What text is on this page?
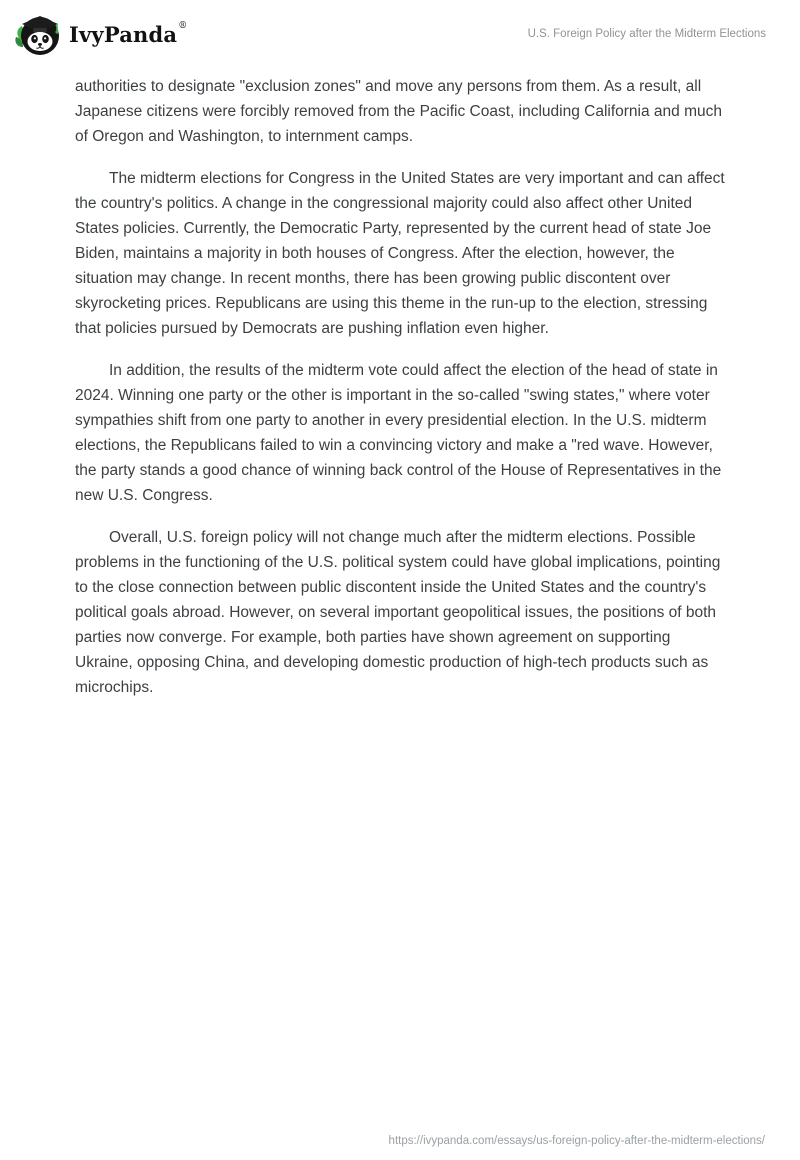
IvyPanda®
U.S. Foreign Policy after the Midterm Elections

authorities to designate "exclusion zones" and move any persons from them. As a result, all Japanese citizens were forcibly removed from the Pacific Coast, including California and much of Oregon and Washington, to internment camps.

The midterm elections for Congress in the United States are very important and can affect the country's politics. A change in the congressional majority could also affect other United States policies. Currently, the Democratic Party, represented by the current head of state Joe Biden, maintains a majority in both houses of Congress. After the election, however, the situation may change. In recent months, there has been growing public discontent over skyrocketing prices. Republicans are using this theme in the run-up to the election, stressing that policies pursued by Democrats are pushing inflation even higher.

In addition, the results of the midterm vote could affect the election of the head of state in 2024. Winning one party or the other is important in the so-called "swing states," where voter sympathies shift from one party to another in every presidential election. In the U.S. midterm elections, the Republicans failed to win a convincing victory and make a "red wave. However, the party stands a good chance of winning back control of the House of Representatives in the new U.S. Congress.

Overall, U.S. foreign policy will not change much after the midterm elections. Possible problems in the functioning of the U.S. political system could have global implications, pointing to the close connection between public discontent inside the United States and the country's political goals abroad. However, on several important geopolitical issues, the positions of both parties now converge. For example, both parties have shown agreement on supporting Ukraine, opposing China, and developing domestic production of high-tech products such as microchips.

https://ivypanda.com/essays/us-foreign-policy-after-the-midterm-elections/
